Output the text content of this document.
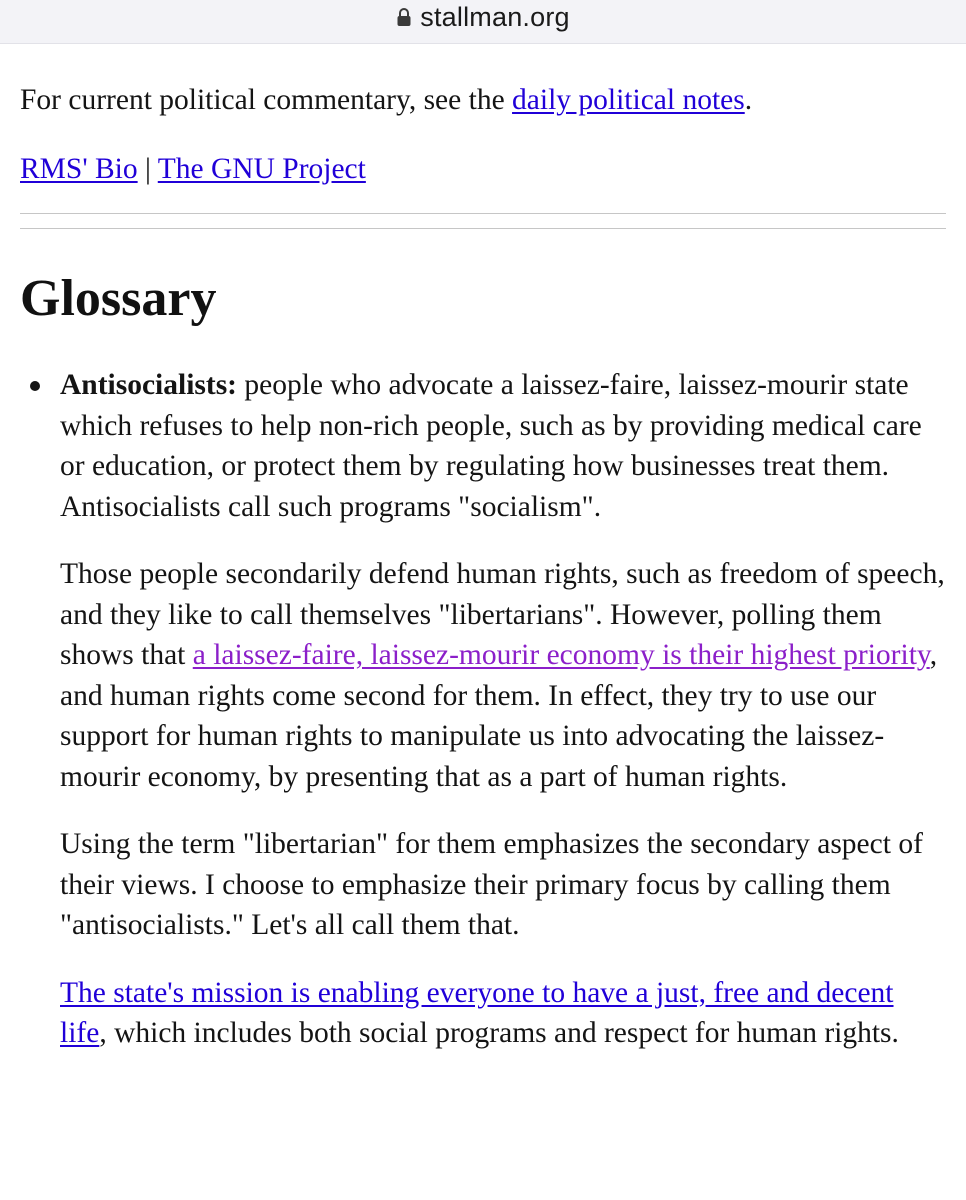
stallman.org

For current political commentary, see the daily political notes.

RMS' Bio | The GNU Project

Glossary

Antisocialists: people who advocate a laissez-faire, laissez-mourir state which refuses to help non-rich people, such as by providing medical care or education, or protect them by regulating how businesses treat them. Antisocialists call such programs "socialism".

Those people secondarily defend human rights, such as freedom of speech, and they like to call themselves "libertarians". However, polling them shows that a laissez-faire, laissez-mourir economy is their highest priority, and human rights come second for them. In effect, they try to use our support for human rights to manipulate us into advocating the laissez-mourir economy, by presenting that as a part of human rights.

Using the term "libertarian" for them emphasizes the secondary aspect of their views. I choose to emphasize their primary focus by calling them "antisocialists." Let's all call them that.

The state's mission is enabling everyone to have a just, free and decent life, which includes both social programs and respect for human rights.
